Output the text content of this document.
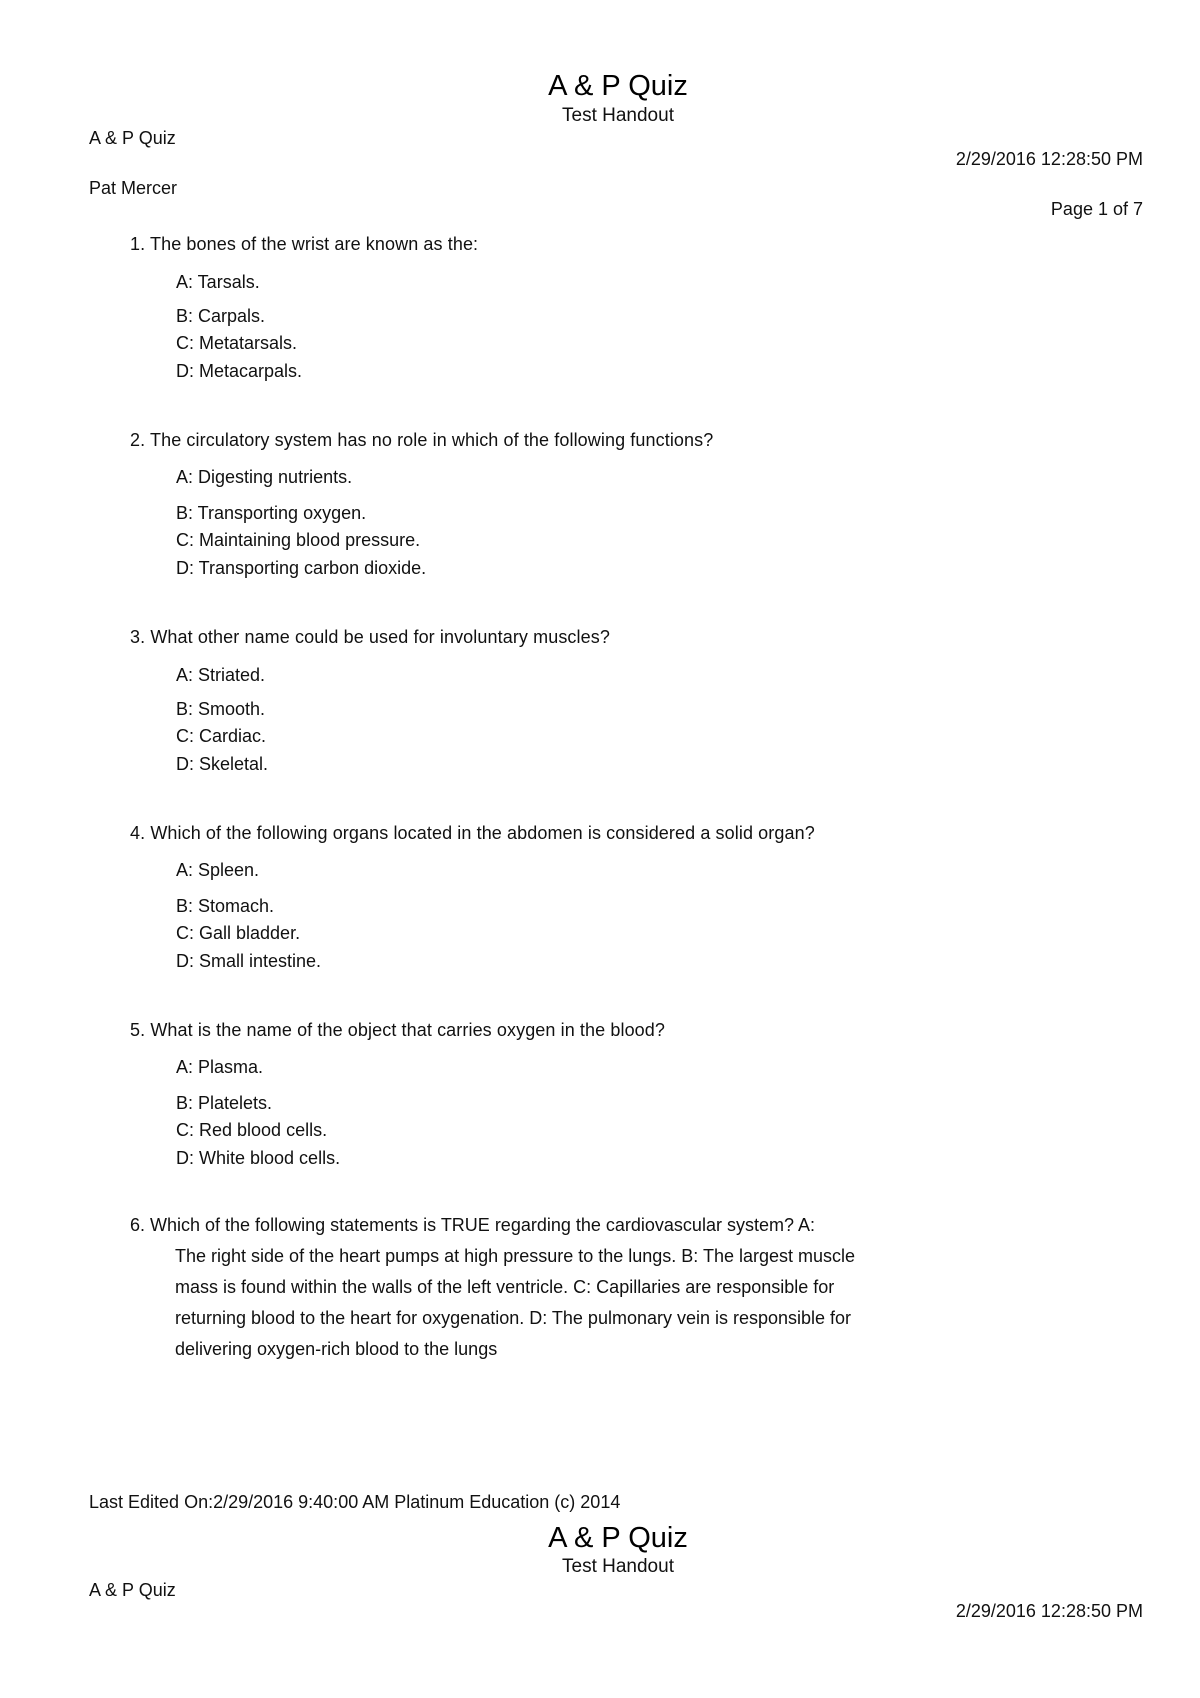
A & P Quiz
Test Handout
A & P Quiz
2/29/2016 12:28:50 PM
Pat Mercer
Page 1 of 7
1. The bones of the wrist are known as the:
A: Tarsals.
B: Carpals.
C: Metatarsals.
D: Metacarpals.
2. The circulatory system has no role in which of the following functions?
A: Digesting nutrients.
B: Transporting oxygen.
C: Maintaining blood pressure.
D: Transporting carbon dioxide.
3. What other name could be used for involuntary muscles?
A: Striated.
B: Smooth.
C: Cardiac.
D: Skeletal.
4. Which of the following organs located in the abdomen is considered a solid organ?
A: Spleen.
B: Stomach.
C: Gall bladder.
D: Small intestine.
5. What is the name of the object that carries oxygen in the blood?
A: Plasma.
B: Platelets.
C: Red blood cells.
D: White blood cells.
6. Which of the following statements is TRUE regarding the cardiovascular system? A:
The right side of the heart pumps at high pressure to the lungs. B: The largest muscle mass is found within the walls of the left ventricle. C: Capillaries are responsible for returning blood to the heart for oxygenation. D: The pulmonary vein is responsible for delivering oxygen-rich blood to the lungs
Last Edited On:2/29/2016 9:40:00 AM Platinum Education (c) 2014
A & P Quiz
Test Handout
A & P Quiz
2/29/2016 12:28:50 PM
